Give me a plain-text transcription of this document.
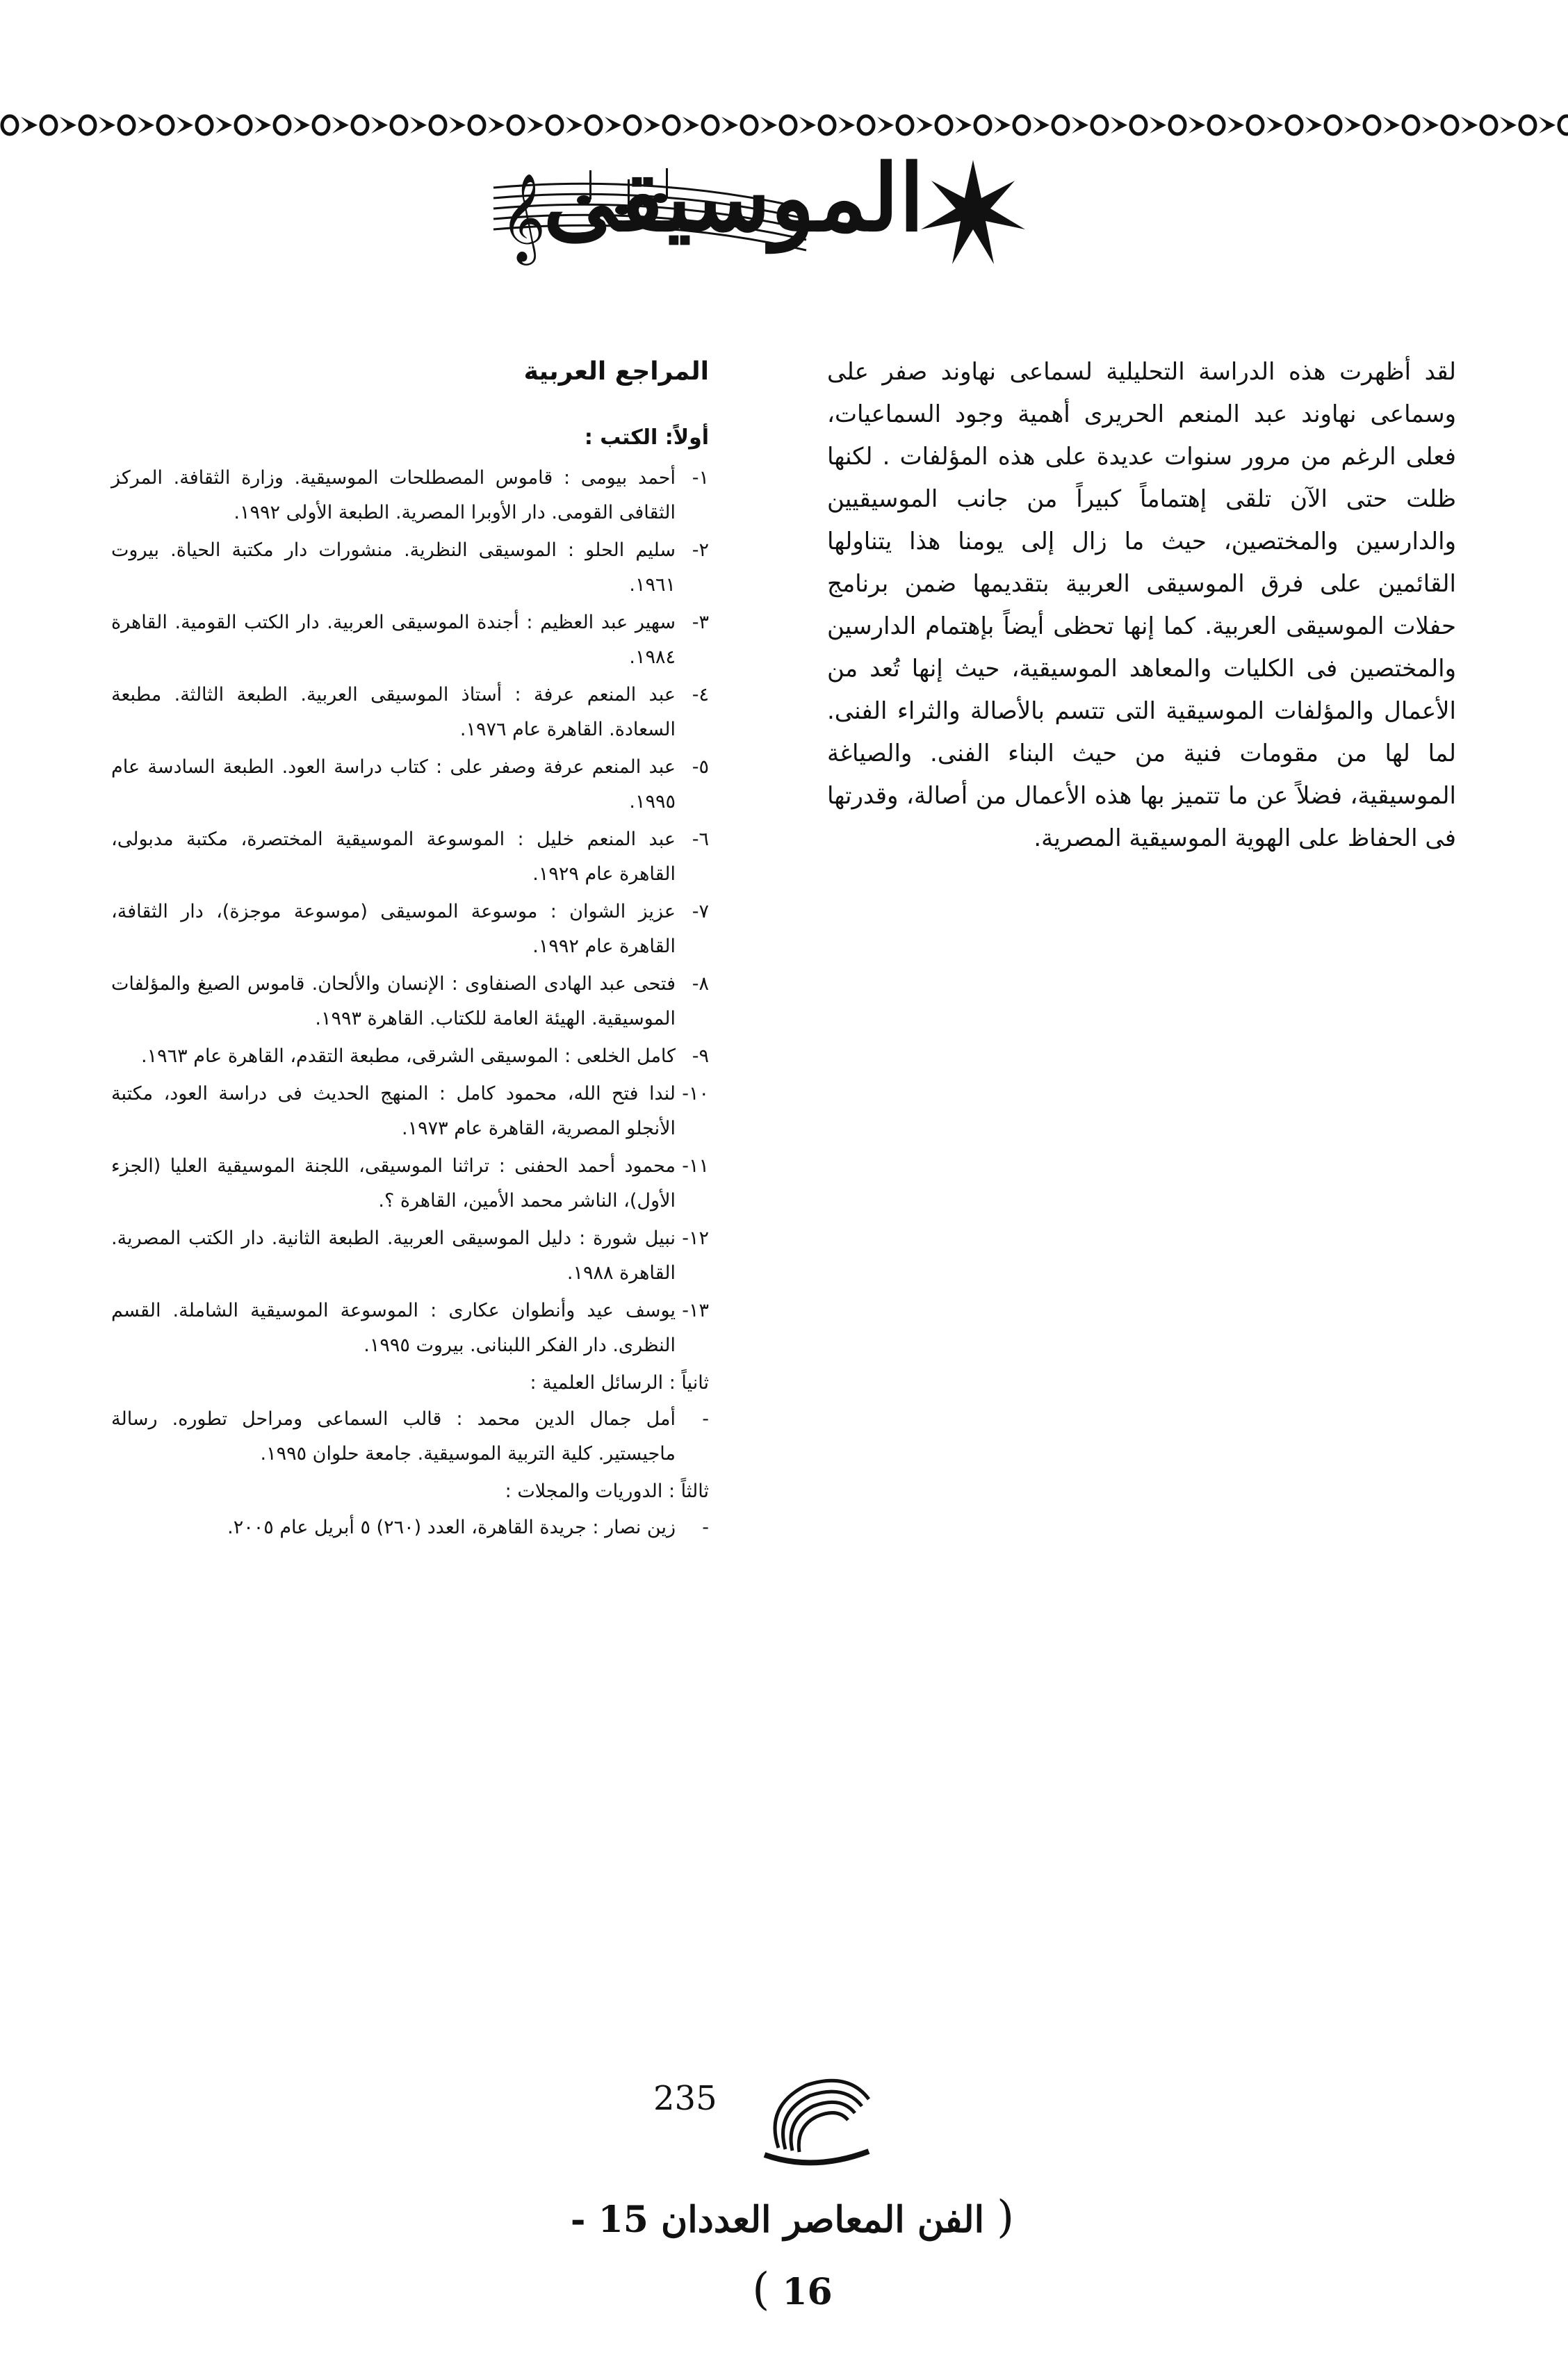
𝄞
الموسيقى
لقد أظهرت هذه الدراسة التحليلية لسماعى نهاوند صفر على وسماعى نهاوند عبد المنعم الحريرى أهمية وجود السماعيات، فعلى الرغم من مرور سنوات عديدة على هذه المؤلفات . لكنها ظلت حتى الآن تلقى إهتماماً كبيراً من جانب الموسيقيين والدارسين والمختصين، حيث ما زال إلى يومنا هذا يتناولها القائمين على فرق الموسيقى العربية بتقديمها ضمن برنامج حفلات الموسيقى العربية. كما إنها تحظى أيضاً بإهتمام الدارسين والمختصين فى الكليات والمعاهد الموسيقية، حيث إنها تُعد من الأعمال والمؤلفات الموسيقية التى تتسم بالأصالة والثراء الفنى. لما لها من مقومات فنية من حيث البناء الفنى. والصياغة الموسيقية، فضلاً عن ما تتميز بها هذه الأعمال من أصالة، وقدرتها فى الحفاظ على الهوية الموسيقية المصرية.
المراجع العربية
أولاً: الكتب :
١-
أحمد بيومى : قاموس المصطلحات الموسيقية. وزارة الثقافة. المركز الثقافى القومى. دار الأوبرا المصرية. الطبعة الأولى ١٩٩٢.
٢-
سليم الحلو : الموسيقى النظرية. منشورات دار مكتبة الحياة. بيروت ١٩٦١.
٣-
سهير عبد العظيم : أجندة الموسيقى العربية. دار الكتب القومية. القاهرة ١٩٨٤.
٤-
عبد المنعم عرفة : أستاذ الموسيقى العربية. الطبعة الثالثة. مطبعة السعادة. القاهرة عام ١٩٧٦.
٥-
عبد المنعم عرفة وصفر على : كتاب دراسة العود. الطبعة السادسة عام ١٩٩٥.
٦-
عبد المنعم خليل : الموسوعة الموسيقية المختصرة، مكتبة مدبولى، القاهرة عام ١٩٢٩.
٧-
عزيز الشوان : موسوعة الموسيقى (موسوعة موجزة)، دار الثقافة، القاهرة عام ١٩٩٢.
٨-
فتحى عبد الهادى الصنفاوى : الإنسان والألحان. قاموس الصيغ والمؤلفات الموسيقية. الهيئة العامة للكتاب. القاهرة ١٩٩٣.
٩-
كامل الخلعى : الموسيقى الشرقى، مطبعة التقدم، القاهرة عام ١٩٦٣.
١٠-
لندا فتح الله، محمود كامل : المنهج الحديث فى دراسة العود، مكتبة الأنجلو المصرية، القاهرة عام ١٩٧٣.
١١-
محمود أحمد الحفنى : تراثنا الموسيقى، اللجنة الموسيقية العليا (الجزء الأول)، الناشر محمد الأمين، القاهرة ؟.
١٢-
نبيل شورة : دليل الموسيقى العربية. الطبعة الثانية. دار الكتب المصرية. القاهرة ١٩٨٨.
١٣-
يوسف عيد وأنطوان عكارى : الموسوعة الموسيقية الشاملة. القسم النظرى. دار الفكر اللبنانى. بيروت ١٩٩٥.
ثانياً : الرسائل العلمية :
-
أمل جمال الدين محمد : قالب السماعى ومراحل تطوره. رسالة ماجيستير. كلية التربية الموسيقية. جامعة حلوان ١٩٩٥.
ثالثاً : الدوريات والمجلات :
-
زين نصار : جريدة القاهرة، العدد (٢٦٠) ٥ أبريل عام ٢٠٠٥.
235
( الفن المعاصر العددان 15 - 16 )
